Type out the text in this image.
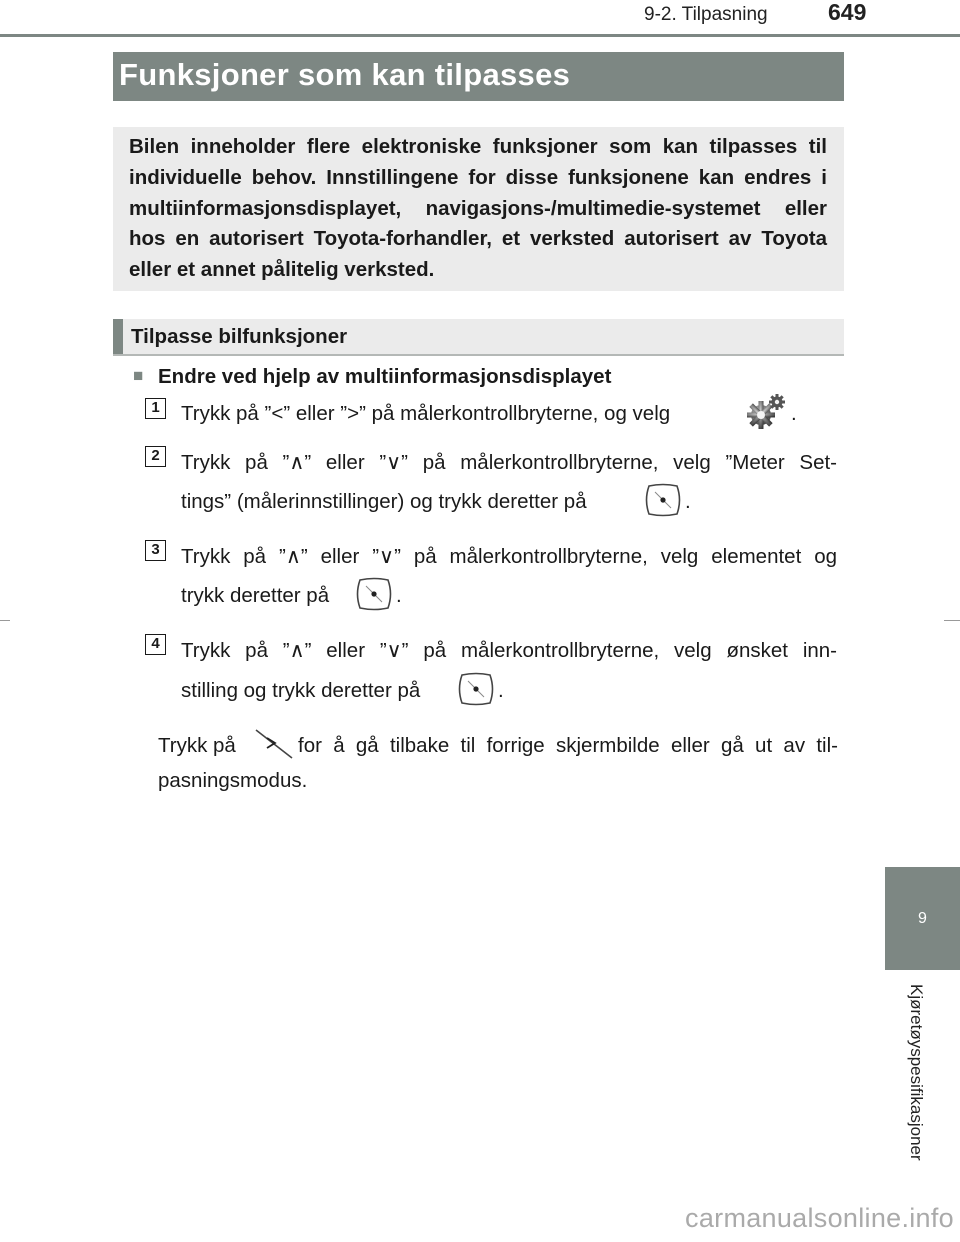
9-2. Tilpasning	649
Funksjoner som kan tilpasses

Bilen inneholder flere elektroniske funksjoner som kan tilpasses til individuelle behov. Innstillingene for disse funksjonene kan endres i multiinformasjonsdisplayet, navigasjons-/multimedie-systemet eller hos en autorisert Toyota-forhandler, et verksted autorisert av Toyota eller et annet pålitelig verksted.

Tilpasse bilfunksjoner
■ Endre ved hjelp av multiinformasjonsdisplayet
1	Trykk på ”<” eller ”>” på målerkontrollbryterne, og velg	.
2	Trykk på ”∧” eller ”∨” på målerkontrollbryterne, velg ”Meter Set-
tings” (målerinnstillinger) og trykk deretter på	.
3	Trykk på ”∧” eller ”∨” på målerkontrollbryterne, velg elementet og
trykk deretter på	.
4	Trykk på ”∧” eller ”∨” på målerkontrollbryterne, velg ønsket inn-
stilling og trykk deretter på	.
Trykk på	for å gå tilbake til forrige skjermbilde eller gå ut av til-
pasningsmodus.
9
Kjøretøyspesifikasjoner
carmanualsonline.info
